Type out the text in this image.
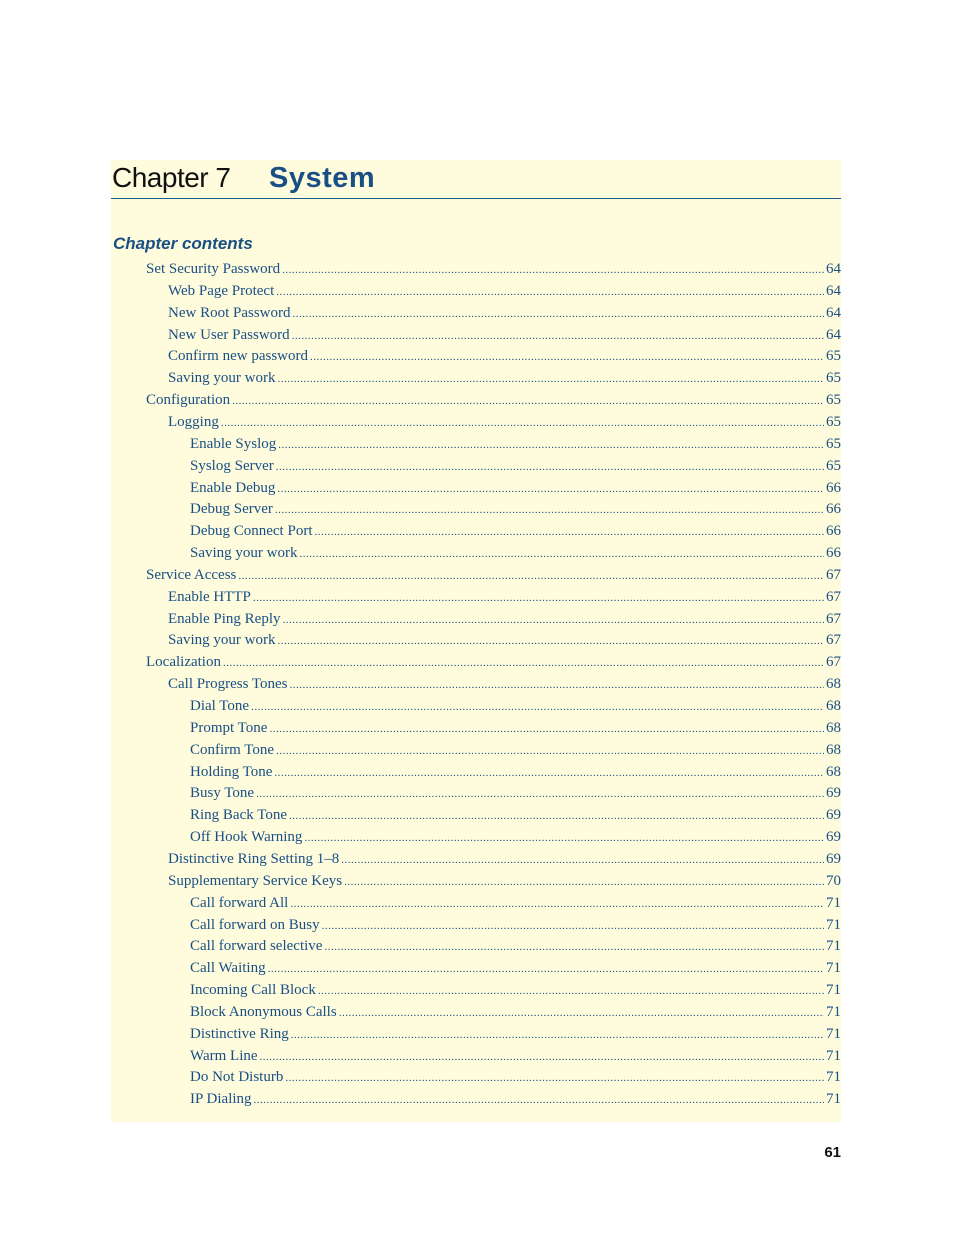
Chapter 7 System
Chapter contents
Set Security Password .....	64
Web Page Protect .....	64
New Root Password .....	64
New User Password .....	64
Confirm new password .....	65
Saving your work .....	65
Configuration .....	65
Logging .....	65
Enable Syslog .....	65
Syslog Server .....	65
Enable Debug .....	66
Debug Server .....	66
Debug Connect Port .....	66
Saving your work .....	66
Service Access .....	67
Enable HTTP .....	67
Enable Ping Reply .....	67
Saving your work .....	67
Localization .....	67
Call Progress Tones .....	68
Dial Tone .....	68
Prompt Tone .....	68
Confirm Tone .....	68
Holding Tone .....	68
Busy Tone .....	69
Ring Back Tone .....	69
Off Hook Warning .....	69
Distinctive Ring Setting 1–8 .....	69
Supplementary Service Keys .....	70
Call forward All .....	71
Call forward on Busy .....	71
Call forward selective .....	71
Call Waiting .....	71
Incoming Call Block .....	71
Block Anonymous Calls .....	71
Distinctive Ring .....	71
Warm Line .....	71
Do Not Disturb .....	71
IP Dialing .....	71
61
